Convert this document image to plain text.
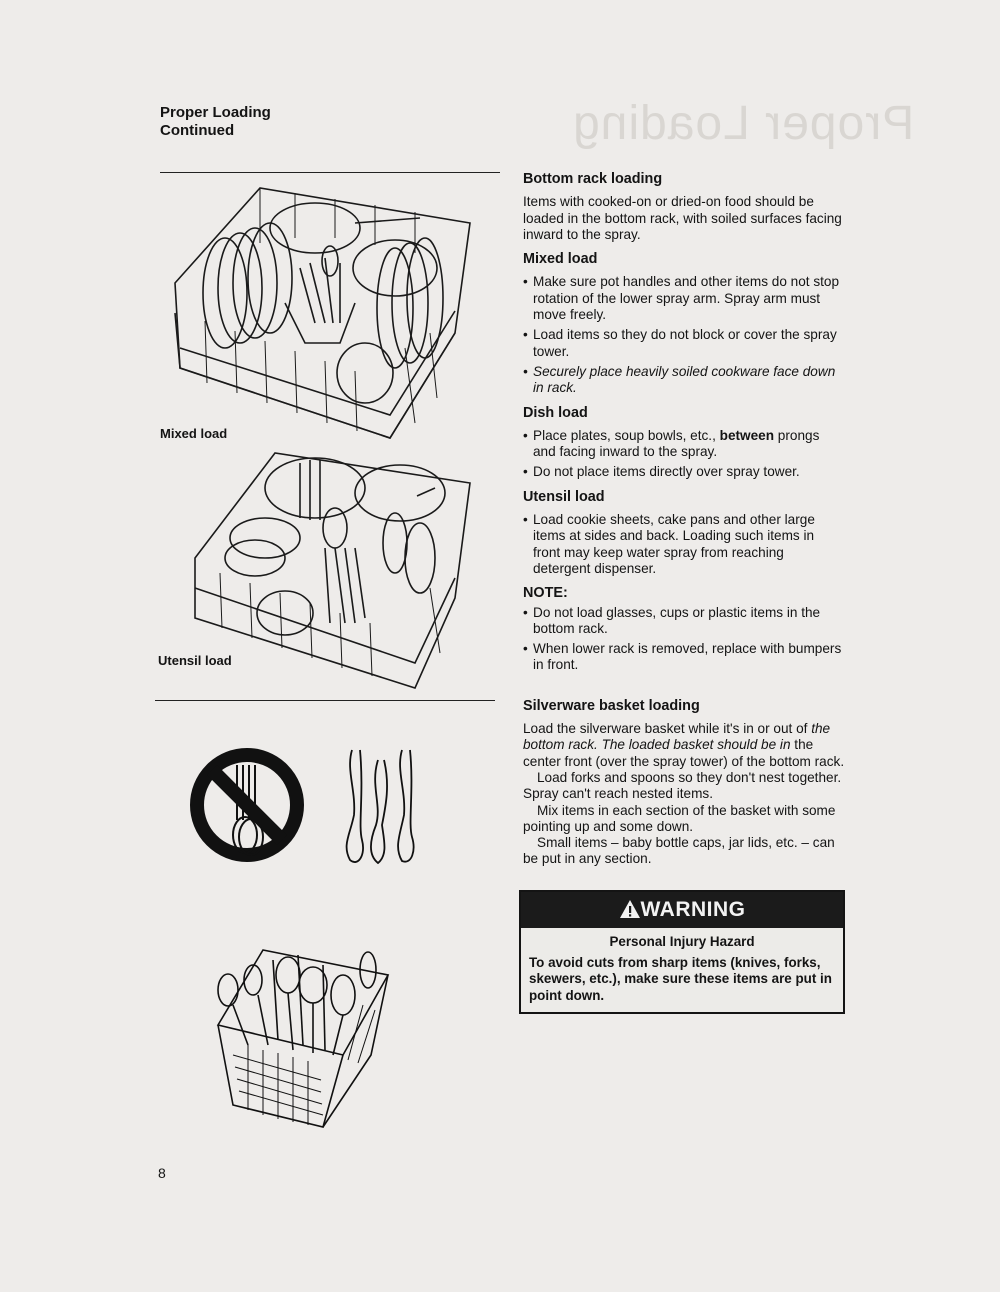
Proper Loading
Continued	Proper Loading
Mixed load
Utensil load
8
Bottom rack loading

Items with cooked-on or dried-on food should be loaded in the bottom rack, with soiled surfaces facing inward to the spray.

Mixed load
• Make sure pot handles and other items do not stop rotation of the lower spray arm. Spray arm must move freely.
• Load items so they do not block or cover the spray tower.
• Securely place heavily soiled cookware face down in rack.
Dish load
• Place plates, soup bowls, etc., between prongs and facing inward to the spray.
• Do not place items directly over spray tower.
Utensil load
• Load cookie sheets, cake pans and other large items at sides and back. Loading such items in front may keep water spray from reaching detergent dispenser.
NOTE:
• Do not load glasses, cups or plastic items in the bottom rack.
• When lower rack is removed, replace with bumpers in front.
Silverware basket loading

Load the silverware basket while it's in or out of the bottom rack. The loaded basket should be in the center front (over the spray tower) of the bottom rack.

Load forks and spoons so they don't nest together. Spray can't reach nested items.

Mix items in each section of the basket with some pointing up and some down.

Small items – baby bottle caps, jar lids, etc. – can be put in any section.

WARNING
Personal Injury Hazard
To avoid cuts from sharp items (knives, forks, skewers, etc.), make sure these items are put in point down.
